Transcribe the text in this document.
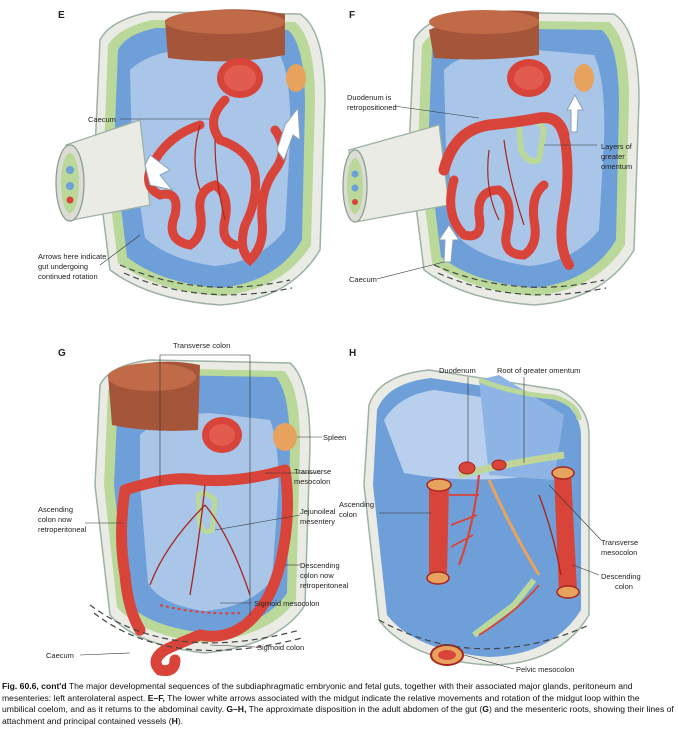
E
Caecum
Arrows here indicate
gut undergoing
continued rotation
F
Duodenum is
retropositioned
Layers of
greater
omentum
Caecum
G
Transverse colon
Spleen
Transverse
mesocolon
Ascending
colon now
retroperitoneal
Jejunoileal
mesentery
Descending
colon now
retroperitoneal
Sigmoid mesocolon
Caecum
Sigmoid colon
H
Duodenum	Root of greater omentum
Ascending
colon
Transverse
mesocolon
Descending
colon
Pelvic mesocolon
Fig. 60.6, cont'd The major developmental sequences of the subdiaphragmatic embryonic and fetal guts, together with their associated major glands, peritoneum and mesenteries: left anterolateral aspect. E–F, The lower white arrows associated with the midgut indicate the relative movements and rotation of the midgut loop within the umbilical coelom, and as it returns to the abdominal cavity. G–H, The approximate disposition in the adult abdomen of the gut (G) and the mesenteric roots, showing their lines of attachment and principal contained vessels (H).
